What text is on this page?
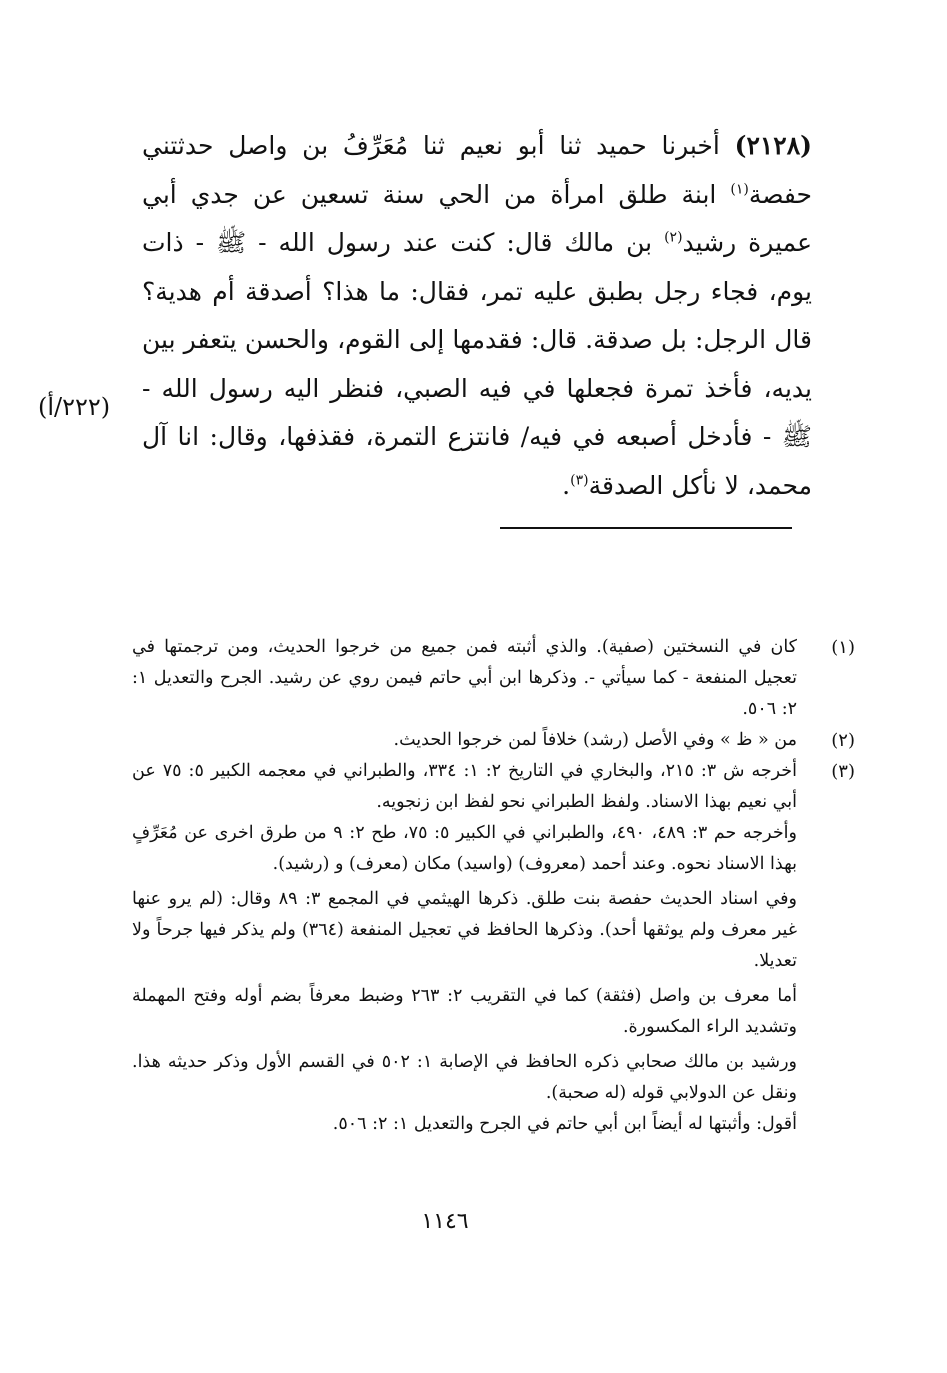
(٢١٢٨) أخبرنا حميد ثنا أبو نعيم ثنا مُعَرِّفُ بن واصل حدثتني حفصة$^{(١)}$ ابنة طلق امرأة من الحي سنة تسعين عن جدي أبي عميرة رشيد$^{(٢)}$ بن مالك قال: كنت عند رسول الله - ﷺ - ذات يوم، فجاء رجل بطبق عليه تمر، فقال: ما هذا؟ أصدقة أم هدية؟ قال الرجل: بل صدقة. قال: فقدمها إلى القوم، والحسن يتعفر بين يديه، فأخذ تمرة فجعلها في فيه الصبي، فنظر اليه رسول الله - ﷺ - فأدخل أصبعه في فيه/ فانتزع التمرة، فقذفها، وقال: انا آل محمد، لا نأكل الصدقة$^{(٣)}$.
(٢٢٢/أ)
(١)

كان في النسختين (صفية). والذي أثبته فمن جميع من خرجوا الحديث، ومن ترجمتها في تعجيل المنفعة - كما سيأتي -. وذكرها ابن أبي حاتم فيمن روي عن رشيد. الجرح والتعديل ١: ٢: ٥٠٦.

(٢)

من « ظ » وفي الأصل (رشد) خلافاً لمن خرجوا الحديث.

(٣)

أخرجه ش ٣: ٢١٥، والبخاري في التاريخ ٢: ١: ٣٣٤، والطبراني في معجمه الكبير ٥: ٧٥ عن أبي نعيم بهذا الاسناد. ولفظ الطبراني نحو لفظ ابن زنجويه.

وأخرجه حم ٣: ٤٨٩، ٤٩٠، والطبراني في الكبير ٥: ٧٥، طح ٢: ٩ من طرق اخرى عن مُعَرِّفٍ بهذا الاسناد نحوه. وعند أحمد (معروف) (واسيد) مكان (معرف) و (رشيد).

وفي اسناد الحديث حفصة بنت طلق. ذكرها الهيثمي في المجمع ٣: ٨٩ وقال: (لم يرو عنها غير معرف ولم يوثقها أحد). وذكرها الحافظ في تعجيل المنفعة (٣٦٤) ولم يذكر فيها جرحاً ولا تعديلا.

أما معرف بن واصل (فثقة) كما في التقريب ٢: ٢٦٣ وضبط معرفاً بضم أوله وفتح المهملة وتشديد الراء المكسورة.

ورشيد بن مالك صحابي ذكره الحافظ في الإصابة ١: ٥٠٢ في القسم الأول وذكر حديثه هذا. ونقل عن الدولابي قوله (له صحبة).

أقول: وأثبتها له أيضاً ابن أبي حاتم في الجرح والتعديل ١: ٢: ٥٠٦.

١١٤٦
